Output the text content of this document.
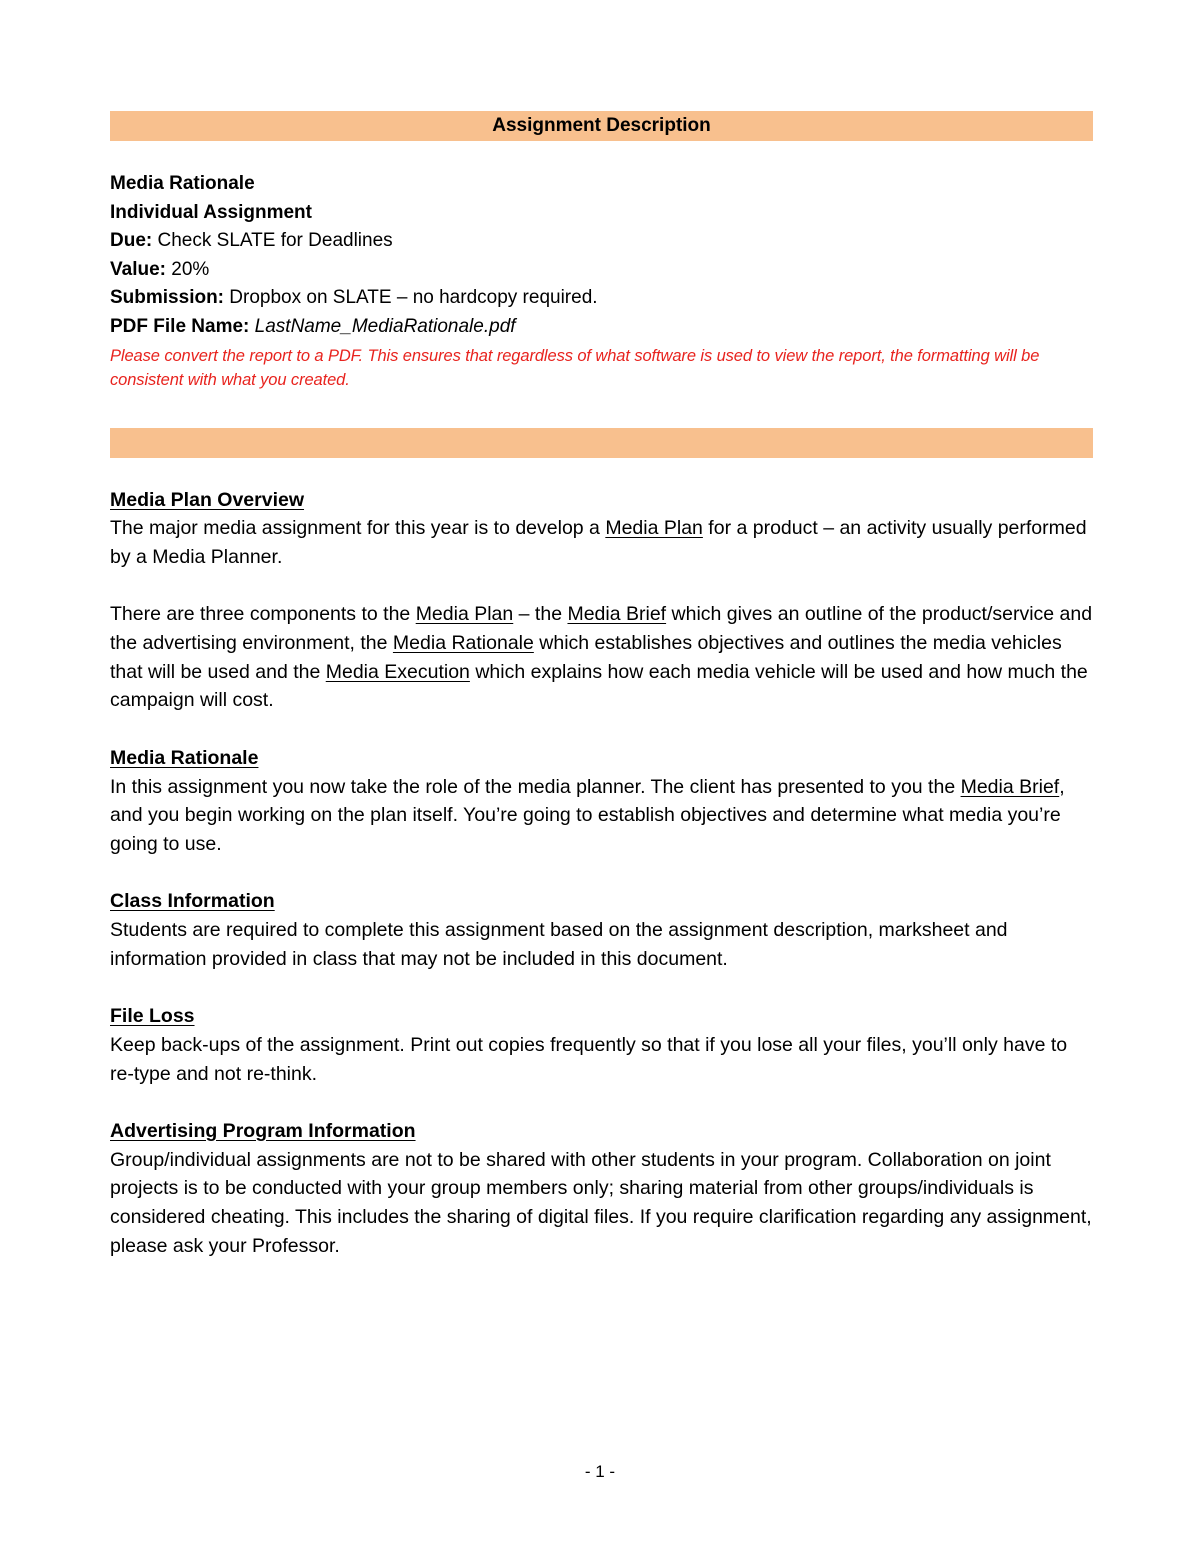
Assignment Description
Media Rationale
Individual Assignment
Due: Check SLATE for Deadlines
Value: 20%
Submission: Dropbox on SLATE – no hardcopy required.
PDF File Name: LastName_MediaRationale.pdf
Please convert the report to a PDF. This ensures that regardless of what software is used to view the report, the formatting will be consistent with what you created.
Media Plan Overview

The major media assignment for this year is to develop a Media Plan for a product – an activity usually performed by a Media Planner.

There are three components to the Media Plan – the Media Brief which gives an outline of the product/service and the advertising environment, the Media Rationale which establishes objectives and outlines the media vehicles that will be used and the Media Execution which explains how each media vehicle will be used and how much the campaign will cost.

Media Rationale

In this assignment you now take the role of the media planner. The client has presented to you the Media Brief, and you begin working on the plan itself. You’re going to establish objectives and determine what media you’re going to use.

Class Information

Students are required to complete this assignment based on the assignment description, marksheet and information provided in class that may not be included in this document.

File Loss

Keep back-ups of the assignment. Print out copies frequently so that if you lose all your files, you’ll only have to re-type and not re-think.

Advertising Program Information

Group/individual assignments are not to be shared with other students in your program. Collaboration on joint projects is to be conducted with your group members only; sharing material from other groups/individuals is considered cheating. This includes the sharing of digital files. If you require clarification regarding any assignment, please ask your Professor.

- 1 -
